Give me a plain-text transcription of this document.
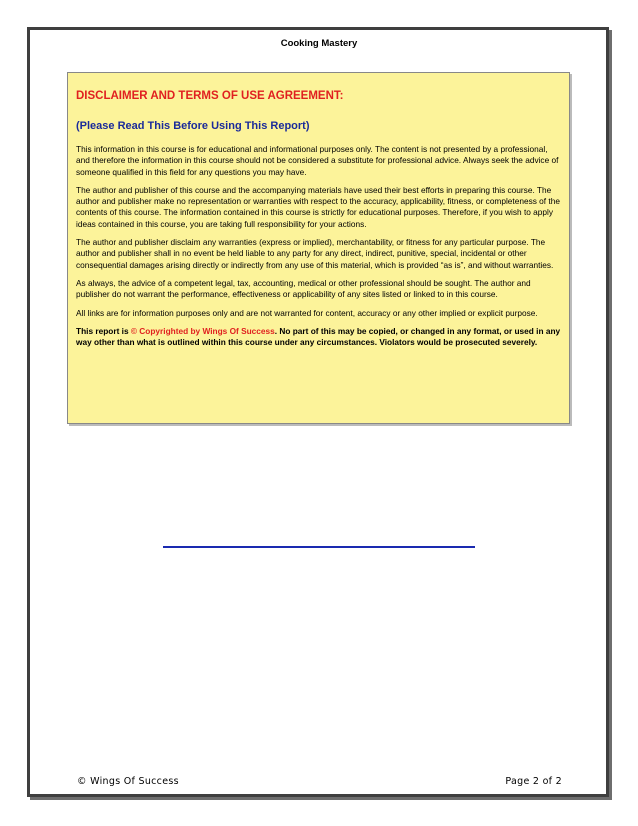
Cooking Mastery

DISCLAIMER AND TERMS OF USE AGREEMENT:

(Please Read This Before Using This Report)

This information in this course is for educational and informational purposes only. The content is not presented by a professional, and therefore the information in this course should not be considered a substitute for professional advice. Always seek the advice of someone qualified in this field for any questions you may have.

The author and publisher of this course and the accompanying materials have used their best efforts in preparing this course. The author and publisher make no representation or warranties with respect to the accuracy, applicability, fitness, or completeness of the contents of this course. The information contained in this course is strictly for educational purposes. Therefore, if you wish to apply ideas contained in this course, you are taking full responsibility for your actions.

The author and publisher disclaim any warranties (express or implied), merchantability, or fitness for any particular purpose. The author and publisher shall in no event be held liable to any party for any direct, indirect, punitive, special, incidental or other consequential damages arising directly or indirectly from any use of this material, which is provided “as is”, and without warranties.

As always, the advice of a competent legal, tax, accounting, medical or other professional should be sought. The author and publisher do not warrant the performance, effectiveness or applicability of any sites listed or linked to in this course.

All links are for information purposes only and are not warranted for content, accuracy or any other implied or explicit purpose.

This report is © Copyrighted by Wings Of Success. No part of this may be copied, or changed in any format, or used in any way other than what is outlined within this course under any circumstances. Violators would be prosecuted severely.

© Wings Of Success	Page 2 of 2
